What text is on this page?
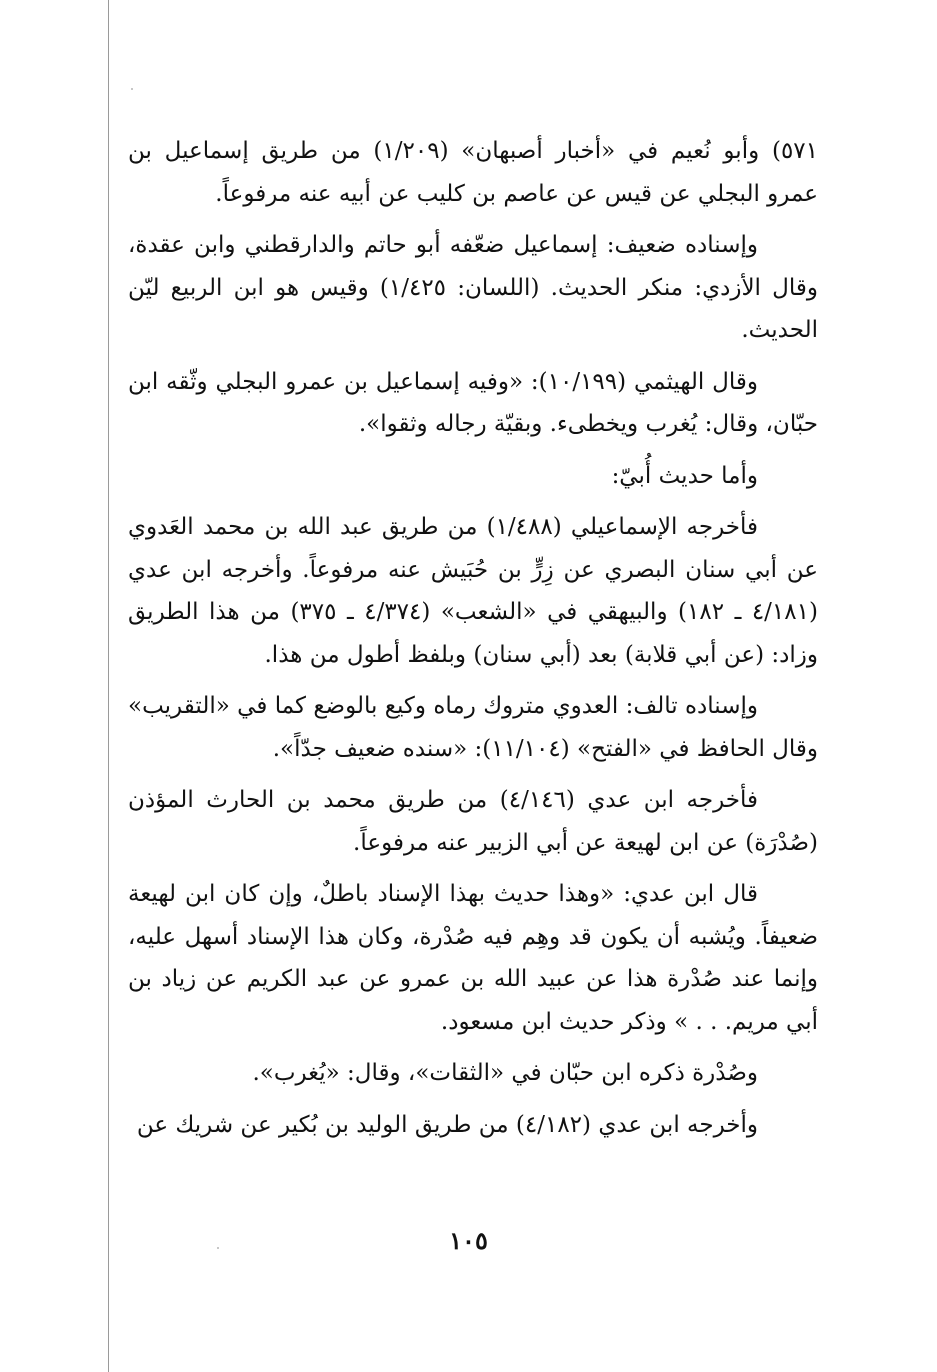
٥٧١) وأبو نُعيم في «أخبار أصبهان» (١/٢٠٩) من طريق إسماعيل بن عمرو البجلي عن قيس عن عاصم بن كليب عن أبيه عنه مرفوعاً.

وإسناده ضعيف: إسماعيل ضعّفه أبو حاتم والدارقطني وابن عقدة، وقال الأزدي: منكر الحديث. (اللسان: ١/٤٢٥) وقيس هو ابن الربيع ليّن الحديث.

وقال الهيثمي (١٠/١٩٩): «وفيه إسماعيل بن عمرو البجلي وثّقه ابن حبّان، وقال: يُغرب ويخطىء. وبقيّة رجاله وثقوا».

وأما حديث أُبيّ:

فأخرجه الإسماعيلي (١/٤٨٨) من طريق عبد الله بن محمد العَدوي عن أبي سنان البصري عن زِرٍّ بن حُبَيش عنه مرفوعاً. وأخرجه ابن عدي (٤/١٨١ ـ ١٨٢) والبيهقي في «الشعب» (٤/٣٧٤ ـ ٣٧٥) من هذا الطريق وزاد: (عن أبي قلابة) بعد (أبي سنان) وبلفظ أطول من هذا.

وإسناده تالف: العدوي متروك رماه وكيع بالوضع كما في «التقريب» وقال الحافظ في «الفتح» (١١/١٠٤): «سنده ضعيف جدّاً».

فأخرجه ابن عدي (٤/١٤٦) من طريق محمد بن الحارث المؤذن (صُدْرَة) عن ابن لهيعة عن أبي الزبير عنه مرفوعاً.

قال ابن عدي: «وهذا حديث بهذا الإسناد باطلٌ، وإن كان ابن لهيعة ضعيفاً. ويُشبه أن يكون قد وهِم فيه صُدْرة، وكان هذا الإسناد أسهل عليه، وإنما عند صُدْرة هذا عن عبيد الله بن عمرو عن عبد الكريم عن زياد بن أبي مريم. . . » وذكر حديث ابن مسعود.

وصُدْرة ذكره ابن حبّان في «الثقات»، وقال: «يُغرب».

وأخرجه ابن عدي (٤/١٨٢) من طريق الوليد بن بُكير عن شريك عن

١٠٥
